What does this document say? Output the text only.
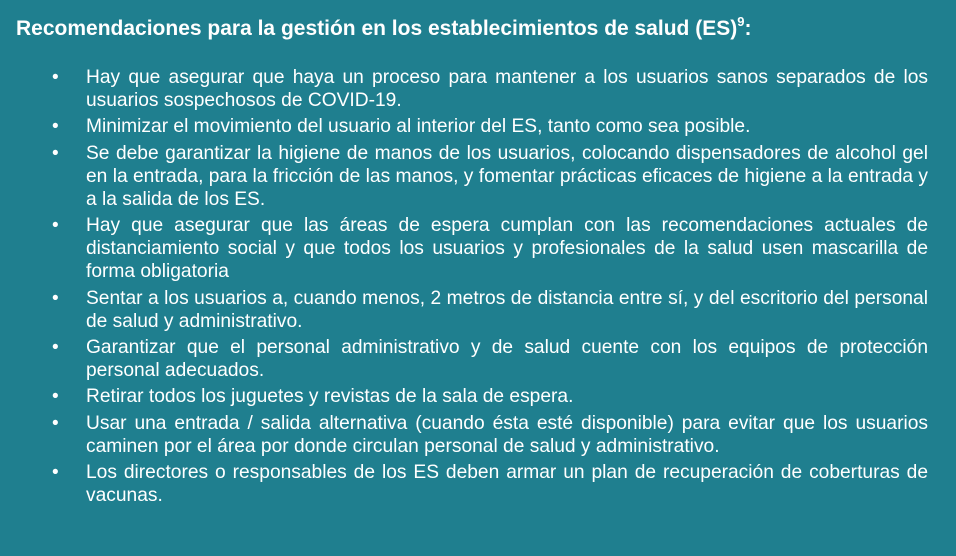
Recomendaciones para la gestión en los establecimientos de salud (ES)$^9$:
• Hay que asegurar que haya un proceso para mantener a los usuarios sanos separados de los usuarios sospechosos de COVID-19.
• Minimizar el movimiento del usuario al interior del ES, tanto como sea posible.
• Se debe garantizar la higiene de manos de los usuarios, colocando dispensadores de alcohol gel en la entrada, para la fricción de las manos, y fomentar prácticas eficaces de higiene a la entrada y a la salida de los ES.
• Hay que asegurar que las áreas de espera cumplan con las recomendaciones actuales de distanciamiento social y que todos los usuarios y profesionales de la salud usen mascarilla de forma obligatoria
• Sentar a los usuarios a, cuando menos, 2 metros de distancia entre sí, y del escritorio del personal de salud y administrativo.
• Garantizar que el personal administrativo y de salud cuente con los equipos de protección personal adecuados.
• Retirar todos los juguetes y revistas de la sala de espera.
• Usar una entrada / salida alternativa (cuando ésta esté disponible) para evitar que los usuarios caminen por el área por donde circulan personal de salud y administrativo.
• Los directores o responsables de los ES deben armar un plan de recuperación de coberturas de vacunas.
